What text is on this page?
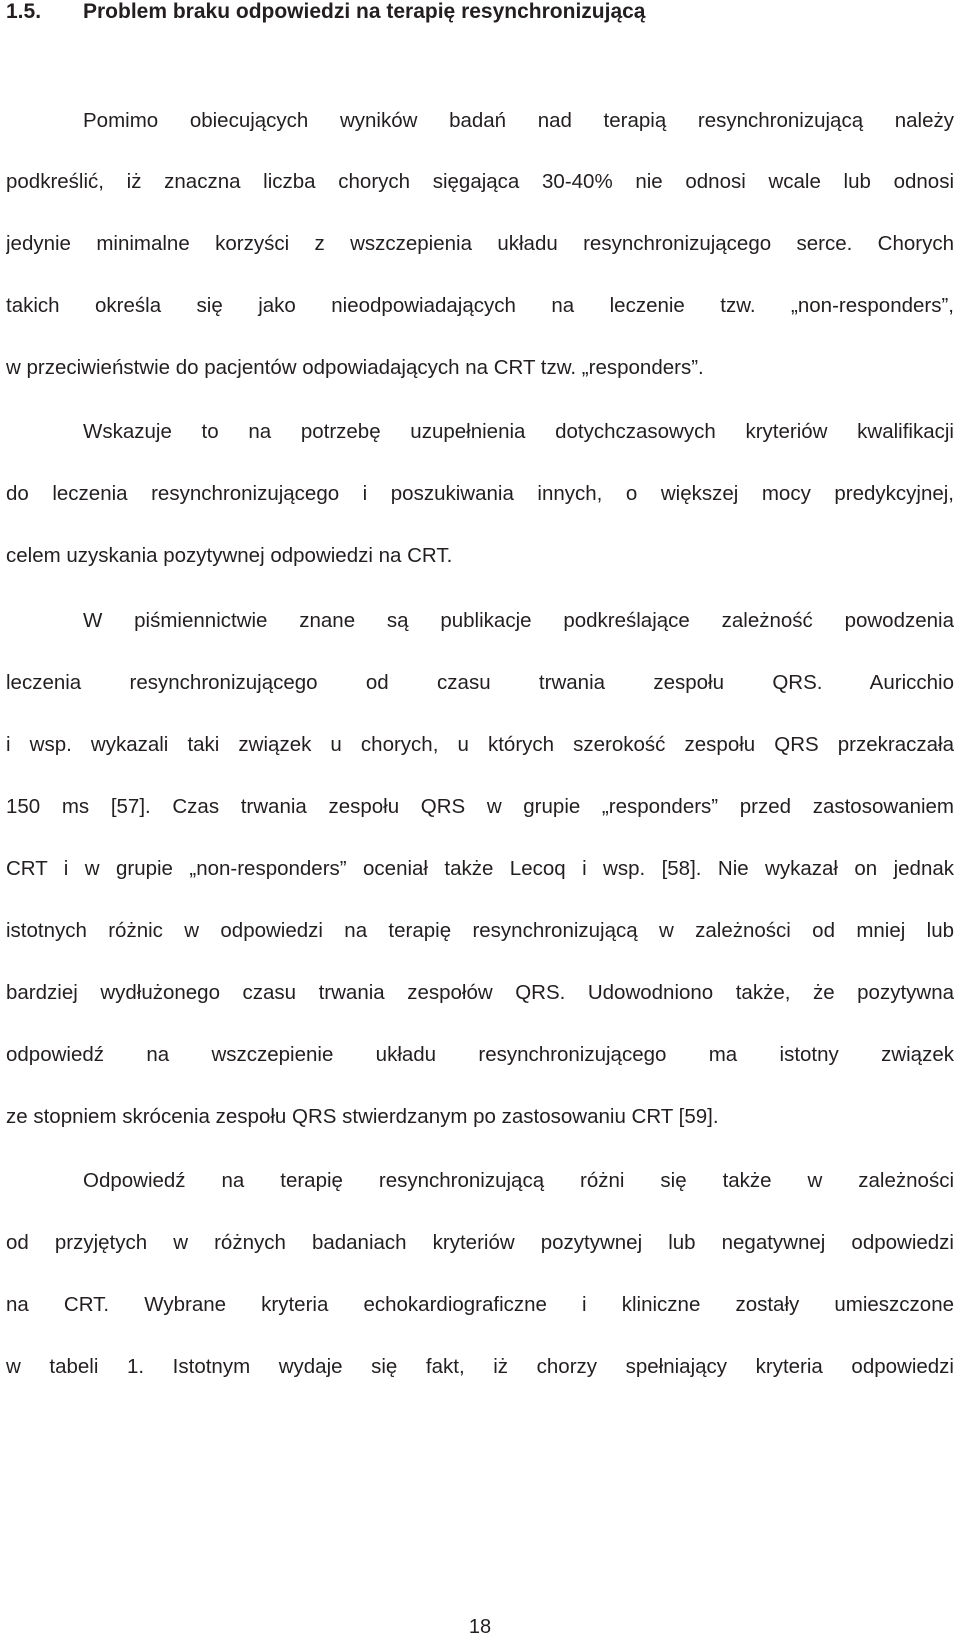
1.5. Problem braku odpowiedzi na terapię resynchronizującą
Pomimo obiecujących wyników badań nad terapią resynchronizującą należy
podkreślić, iż znaczna liczba chorych sięgająca 30-40% nie odnosi wcale lub odnosi
jedynie minimalne korzyści z wszczepienia układu resynchronizującego serce. Chorych
takich określa się jako nieodpowiadających na leczenie tzw. „non-responders”,
w przeciwieństwie do pacjentów odpowiadających na CRT tzw. „responders”.
Wskazuje to na potrzebę uzupełnienia dotychczasowych kryteriów kwalifikacji
do leczenia resynchronizującego i poszukiwania innych, o większej mocy predykcyjnej,
celem uzyskania pozytywnej odpowiedzi na CRT.
W piśmiennictwie znane są publikacje podkreślające zależność powodzenia
leczenia resynchronizującego od czasu trwania zespołu QRS. Auricchio
i wsp. wykazali taki związek u chorych, u których szerokość zespołu QRS przekraczała
150 ms [57]. Czas trwania zespołu QRS w grupie „responders” przed zastosowaniem
CRT i w grupie „non-responders” oceniał także Lecoq i wsp. [58]. Nie wykazał on jednak
istotnych różnic w odpowiedzi na terapię resynchronizującą w zależności od mniej lub
bardziej wydłużonego czasu trwania zespołów QRS. Udowodniono także, że pozytywna
odpowiedź na wszczepienie układu resynchronizującego ma istotny związek
ze stopniem skrócenia zespołu QRS stwierdzanym po zastosowaniu CRT [59].
Odpowiedź na terapię resynchronizującą różni się także w zależności
od przyjętych w różnych badaniach kryteriów pozytywnej lub negatywnej odpowiedzi
na CRT. Wybrane kryteria echokardiograficzne i kliniczne zostały umieszczone
w tabeli 1. Istotnym wydaje się fakt, iż chorzy spełniający kryteria odpowiedzi
18
